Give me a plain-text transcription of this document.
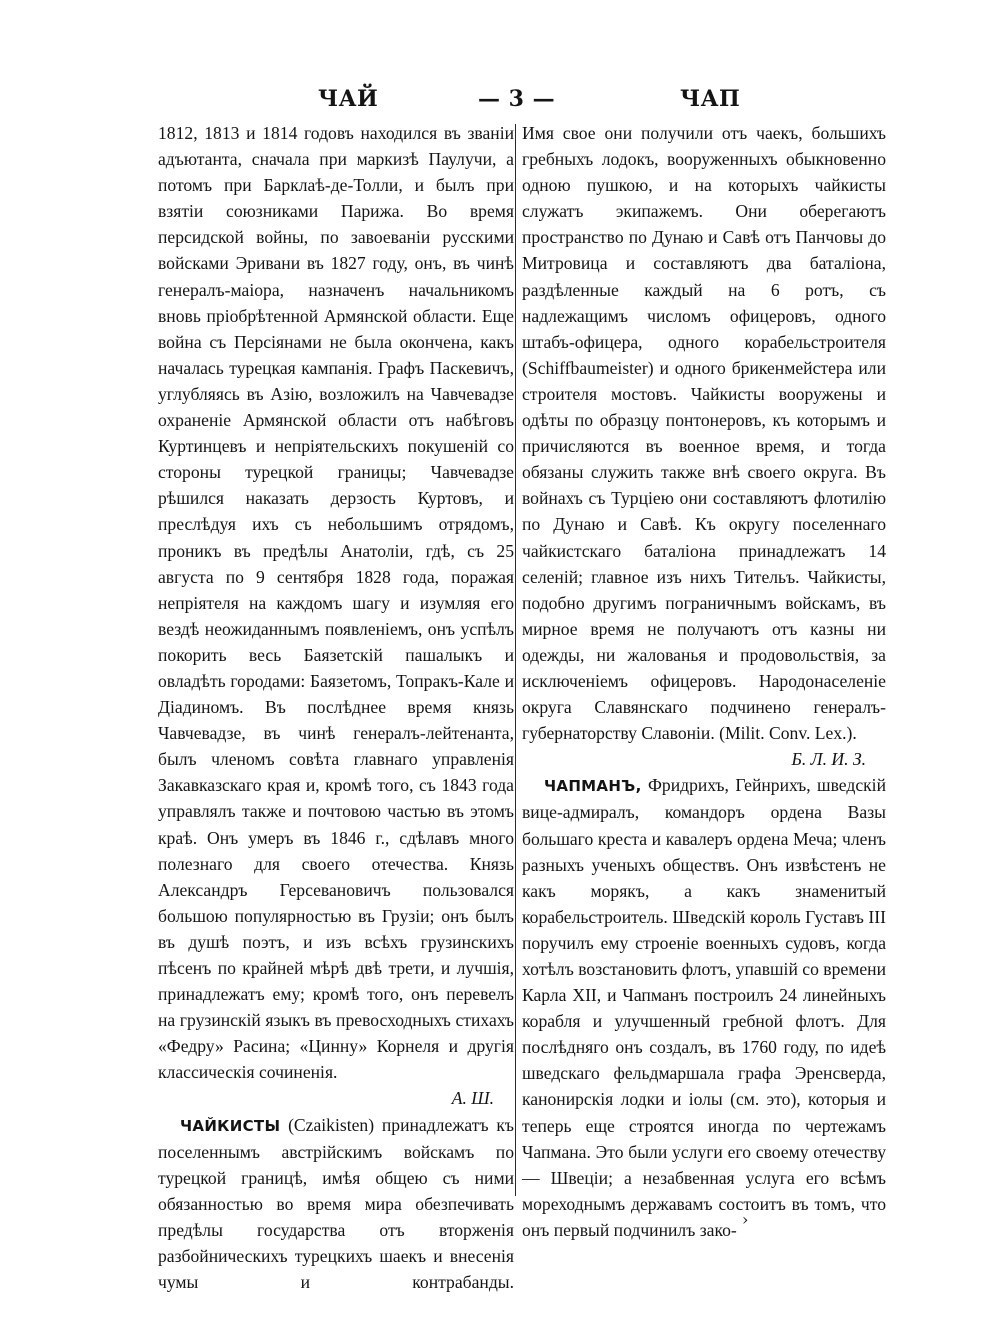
ЧАЙ	— 3 —	ЧАП

1812, 1813 и 1814 годовъ находился въ званіи адъютанта, сначала при маркизѣ Паулучи, а потомъ при Барклаѣ-де-Толли, и былъ при взятіи союзниками Парижа. Во время персидской войны, по завоеваніи русскими войсками Эривани въ 1827 году, онъ, въ чинѣ генералъ-маіора, назначенъ начальникомъ вновь пріобрѣтенной Армянской области. Еще война съ Персіянами не была окончена, какъ началась турецкая кампанія. Графъ Паскевичъ, углубляясь въ Азію, возложилъ на Чавчевадзе охраненіе Армянской области отъ набѣговъ Куртинцевъ и непріятельскихъ покушеній со стороны турецкой границы; Чавчевадзе рѣшился наказать дерзость Куртовъ, и преслѣдуя ихъ съ небольшимъ отрядомъ, проникъ въ предѣлы Анатоліи, гдѣ, съ 25 августа по 9 сентября 1828 года, поражая непріятеля на каждомъ шагу и изумляя его вездѣ неожиданнымъ появленіемъ, онъ успѣлъ покорить весь Баязетскій пашалыкъ и овладѣть городами: Баязетомъ, Топракъ-Кале и Діадиномъ. Въ послѣднее время князь Чавчевадзе, въ чинѣ генералъ-лейтенанта, былъ членомъ совѣта главнаго управленія Закавказскаго края и, кромѣ того, съ 1843 года управлялъ также и почтовою частью въ этомъ краѣ. Онъ умеръ въ 1846 г., сдѣлавъ много полезнаго для своего отечества. Князь Александръ Герсевановичъ пользовался большою популярностью въ Грузіи; онъ былъ въ душѣ поэтъ, и изъ всѣхъ грузинскихъ пѣсенъ по крайней мѣрѣ двѣ трети, и лучшія, принадлежатъ ему; кромѣ того, онъ перевелъ на грузинскій языкъ въ превосходныхъ стихахъ «Федру» Расина; «Цинну» Корнеля и другія классическія сочиненія.

А. Ш.

ЧАЙКИСТЫ (Czaikisten) принадлежатъ къ поселеннымъ австрійскимъ войскамъ по турецкой границѣ, имѣя общею съ ними обязанностью во время мира обезпечивать предѣлы государства отъ вторженія разбойническихъ турецкихъ шаекъ и внесенія чумы и контрабанды.

Имя свое они получили отъ чаекъ, большихъ гребныхъ лодокъ, вооруженныхъ обыкновенно одною пушкою, и на которыхъ чайкисты служатъ экипажемъ. Они оберегаютъ пространство по Дунаю и Савѣ отъ Панчовы до Митровица и составляютъ два баталіона, раздѣленные каждый на 6 ротъ, съ надлежащимъ числомъ офицеровъ, одного штабъ-офицера, одного корабельстроителя (Schiffbaumeister) и одного брикенмейстера или строителя мостовъ. Чайкисты вооружены и одѣты по образцу понтонеровъ, къ которымъ и причисляются въ военное время, и тогда обязаны служить также внѣ своего округа. Въ войнахъ съ Турціею они составляютъ флотилію по Дунаю и Савѣ. Къ округу поселеннаго чайкистскаго баталіона принадлежатъ 14 селеній; главное изъ нихъ Тительъ. Чайкисты, подобно другимъ пограничнымъ войскамъ, въ мирное время не получаютъ отъ казны ни одежды, ни жалованья и продовольствія, за исключеніемъ офицеровъ. Народонаселеніе округа Славянскаго подчинено генералъ-губернаторству Славоніи. (Milit. Conv. Lex.).

Б. Л. И. З.

ЧАПМАНЪ, Фридрихъ, Гейнрихъ, шведскій вице-адмиралъ, командоръ ордена Вазы большаго креста и кавалеръ ордена Меча; членъ разныхъ ученыхъ обществъ. Онъ извѣстенъ не какъ морякъ, а какъ знаменитый корабельстроитель. Шведскій король Густавъ III поручилъ ему строеніе военныхъ судовъ, когда хотѣлъ возстановить флотъ, упавшій со времени Карла XII, и Чапманъ построилъ 24 линейныхъ корабля и улучшенный гребной флотъ. Для послѣдняго онъ создалъ, въ 1760 году, по идеѣ шведскаго фельдмаршала графа Эренсверда, канонирскія лодки и іолы (см. это), которыя и теперь еще строятся иногда по чертежамъ Чапмана. Это были услуги его своему отечеству — Швеціи; а незабвенная услуга его всѣмъ мореходнымъ державамъ состоитъ въ томъ, что онъ первый подчинилъ зако-

›
